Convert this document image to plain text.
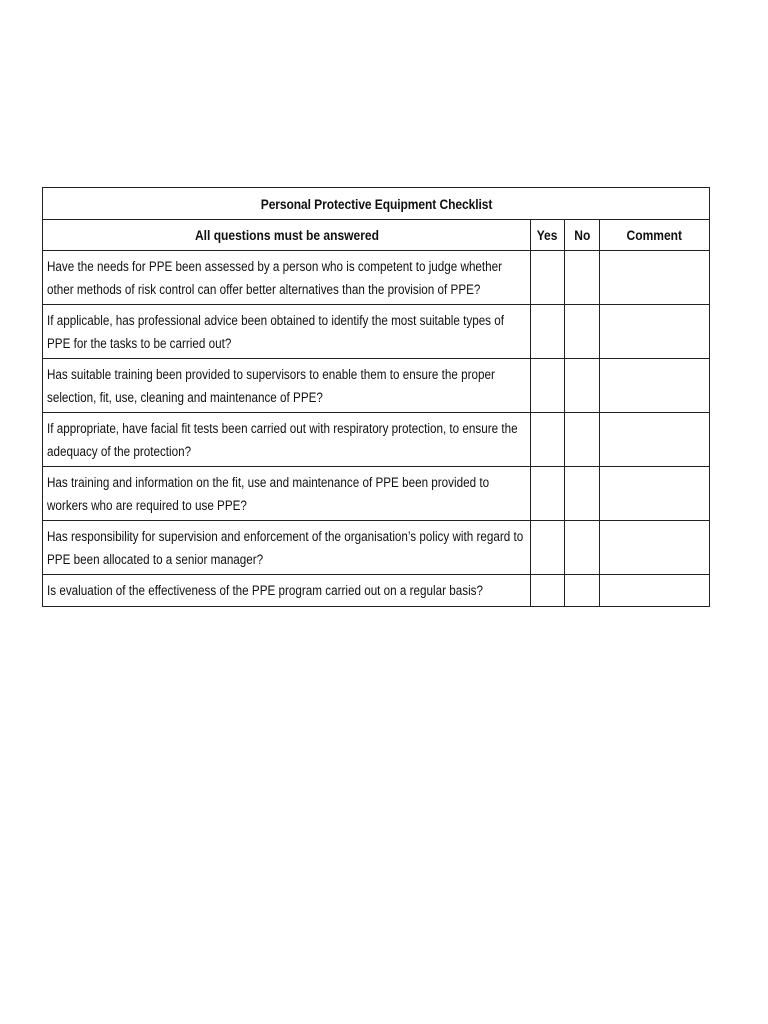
Personal Protective Equipment Checklist			
All questions must be answered	Yes	No	Comment

Have the needs for PPE been assessed by a person who is competent to judge whether
other methods of risk control can offer better alternatives than the provision of PPE?			

If applicable, has professional advice been obtained to identify the most suitable types of
PPE for the tasks to be carried out?			

Has suitable training been provided to supervisors to enable them to ensure the proper
selection, fit, use, cleaning and maintenance of PPE?			

If appropriate, have facial fit tests been carried out with respiratory protection, to ensure the
adequacy of the protection?			

Has training and information on the fit, use and maintenance of PPE been provided to
workers who are required to use PPE?			

Has responsibility for supervision and enforcement of the organisation’s policy with regard to
PPE been allocated to a senior manager?			

Is evaluation of the effectiveness of the PPE program carried out on a regular basis?			
